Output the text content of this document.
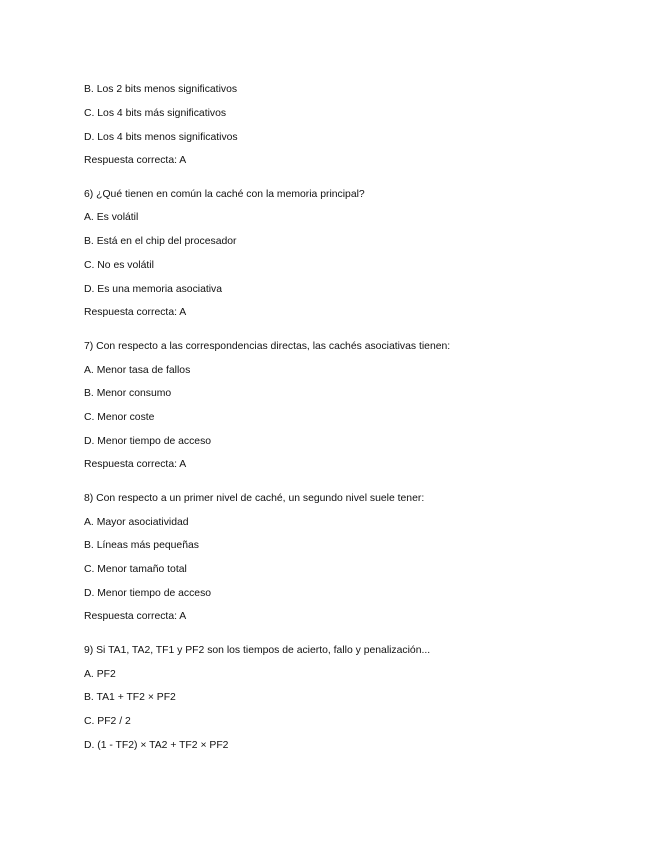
B. Los 2 bits menos significativos
C. Los 4 bits más significativos
D. Los 4 bits menos significativos
Respuesta correcta: A
6) ¿Qué tienen en común la caché con la memoria principal?
A. Es volátil
B. Está en el chip del procesador
C. No es volátil
D. Es una memoria asociativa
Respuesta correcta: A
7) Con respecto a las correspondencias directas, las cachés asociativas tienen:
A. Menor tasa de fallos
B. Menor consumo
C. Menor coste
D. Menor tiempo de acceso
Respuesta correcta: A
8) Con respecto a un primer nivel de caché, un segundo nivel suele tener:
A. Mayor asociatividad
B. Líneas más pequeñas
C. Menor tamaño total
D. Menor tiempo de acceso
Respuesta correcta: A
9) Si TA1, TA2, TF1 y PF2 son los tiempos de acierto, fallo y penalización...
A. PF2
B. TA1 + TF2 × PF2
C. PF2 / 2
D. (1 - TF2) × TA2 + TF2 × PF2
